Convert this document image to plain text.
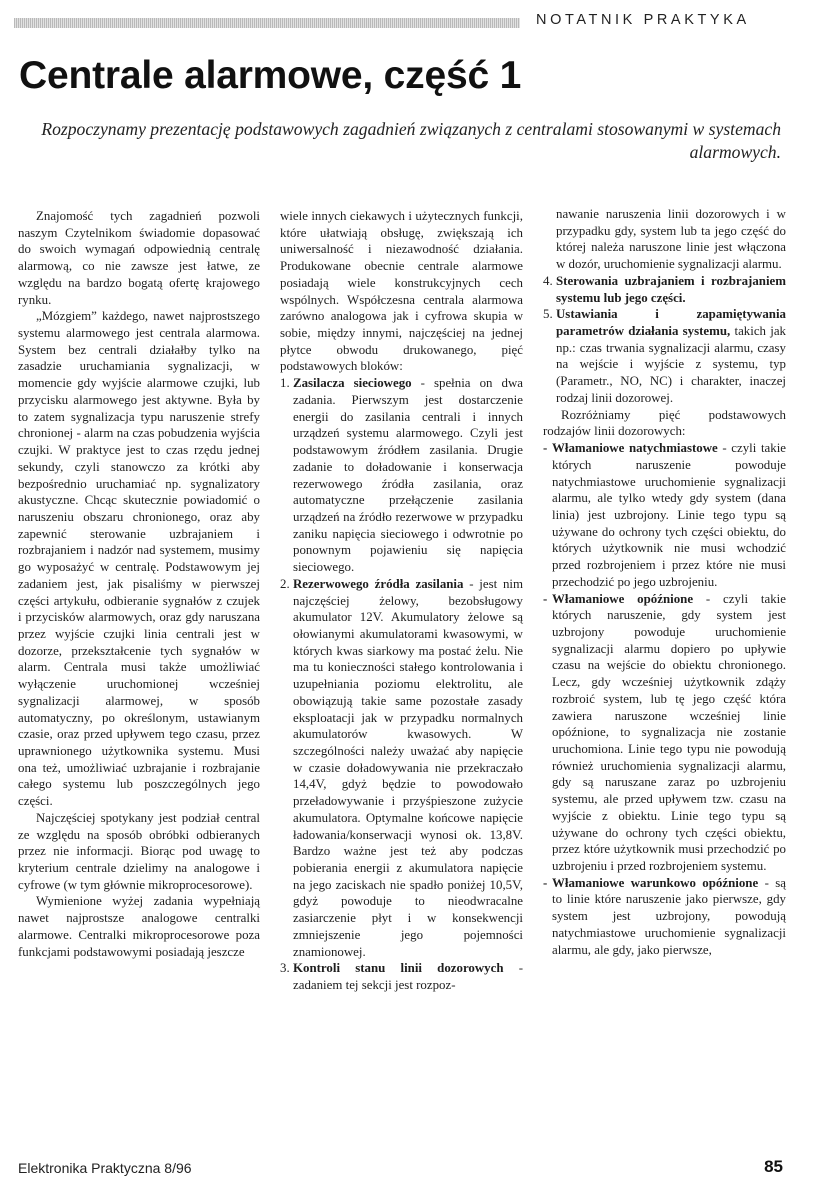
NOTATNIK PRAKTYKA
Centrale alarmowe, część 1

Rozpoczynamy prezentację podstawowych zagadnień związanych z centralami stosowanymi w systemach alarmowych.

Znajomość tych zagadnień pozwoli naszym Czytelnikom świadomie dopasować do swoich wymagań odpowiednią centralę alarmową, co nie zawsze jest łatwe, ze względu na bardzo bogatą ofertę krajowego rynku.

„Mózgiem” każdego, nawet najprostszego systemu alarmowego jest centrala alarmowa. System bez centrali działałby tylko na zasadzie uruchamiania sygnalizacji, w momencie gdy wyjście alarmowe czujki, lub przycisku alarmowego jest aktywne. Była by to zatem sygnalizacja typu naruszenie strefy chronionej - alarm na czas pobudzenia wyjścia czujki. W praktyce jest to czas rzędu jednej sekundy, czyli stanowczo za krótki aby bezpośrednio uruchamiać np. sygnalizatory akustyczne. Chcąc skutecznie powiadomić o naruszeniu obszaru chronionego, oraz aby zapewnić sterowanie uzbrajaniem i rozbrajaniem i nadzór nad systemem, musimy go wyposażyć w centralę. Podstawowym jej zadaniem jest, jak pisaliśmy w pierwszej części artykułu, odbieranie sygnałów z czujek i przycisków alarmowych, oraz gdy naruszana przez wyjście czujki linia centrali jest w dozorze, przekształcenie tych sygnałów w alarm. Centrala musi także umożliwiać wyłączenie uruchomionej wcześniej sygnalizacji alarmowej, w sposób automatyczny, po określonym, ustawianym czasie, oraz przed upływem tego czasu, przez uprawnionego użytkownika systemu. Musi ona też, umożliwiać uzbrajanie i rozbrajanie całego systemu lub poszczególnych jego części.

Najczęściej spotykany jest podział central ze względu na sposób obróbki odbieranych przez nie informacji. Biorąc pod uwagę to kryterium centrale dzielimy na analogowe i cyfrowe (w tym głównie mikroprocesorowe).

Wymienione wyżej zadania wypełniają nawet najprostsze analogowe centralki alarmowe. Centralki mikroprocesorowe poza funkcjami podstawowymi posiadają jeszcze

wiele innych ciekawych i użytecznych funkcji, które ułatwiają obsługę, zwiększają ich uniwersalność i niezawodność działania. Produkowane obecnie centrale alarmowe posiadają wiele konstrukcyjnych cech wspólnych. Współczesna centrala alarmowa zarówno analogowa jak i cyfrowa skupia w sobie, między innymi, najczęściej na jednej płytce obwodu drukowanego, pięć podstawowych bloków:

1. Zasilacza sieciowego - spełnia on dwa zadania. Pierwszym jest dostarczenie energii do zasilania centrali i innych urządzeń systemu alarmowego. Czyli jest podstawowym źródłem zasilania. Drugie zadanie to doładowanie i konserwacja rezerwowego źródła zasilania, oraz automatyczne przełączenie zasilania urządzeń na źródło rezerwowe w przypadku zaniku napięcia sieciowego i odwrotnie po ponownym pojawieniu się napięcia sieciowego.
2. Rezerwowego źródła zasilania - jest nim najczęściej żelowy, bezobsługowy akumulator 12V. Akumulatory żelowe są ołowianymi akumulatorami kwasowymi, w których kwas siarkowy ma postać żelu. Nie ma tu konieczności stałego kontrolowania i uzupełniania poziomu elektrolitu, ale obowiązują takie same pozostałe zasady eksploatacji jak w przypadku normalnych akumulatorów kwasowych. W szczególności należy uważać aby napięcie w czasie doładowywania nie przekraczało 14,4V, gdyż będzie to powodowało przeładowywanie i przyśpieszone zużycie akumulatora. Optymalne końcowe napięcie ładowania/konserwacji wynosi ok. 13,8V. Bardzo ważne jest też aby podczas pobierania energii z akumulatora napięcie na jego zaciskach nie spadło poniżej 10,5V, gdyż powoduje to nieodwracalne zasiarczenie płyt i w konsekwencji zmniejszenie jego pojemności znamionowej.
3. Kontroli stanu linii dozorowych - zadaniem tej sekcji jest rozpoz-

nawanie naruszenia linii dozorowych i w przypadku gdy, system lub ta jego część do której należa naruszone linie jest włączona w dozór, uruchomienie sygnalizacji alarmu.

4. Sterowania uzbrajaniem i rozbrajaniem systemu lub jego części.
5. Ustawiania i zapamiętywania parametrów działania systemu, takich jak np.: czas trwania sygnalizacji alarmu, czasy na wejście i wyjście z systemu, typ (Parametr., NO, NC) i charakter, inaczej rodzaj linii dozorowej.

Rozróżniamy pięć podstawowych rodzajów linii dozorowych:

- Włamaniowe natychmiastowe - czyli takie których naruszenie powoduje natychmiastowe uruchomienie sygnalizacji alarmu, ale tylko wtedy gdy system (dana linia) jest uzbrojony. Linie tego typu są używane do ochrony tych części obiektu, do których użytkownik nie musi wchodzić przed rozbrojeniem i przez które nie musi przechodzić po jego uzbrojeniu.
- Włamaniowe opóźnione - czyli takie których naruszenie, gdy system jest uzbrojony powoduje uruchomienie sygnalizacji alarmu dopiero po upływie czasu na wejście do obiektu chronionego. Lecz, gdy wcześniej użytkownik zdąży rozbroić system, lub tę jego część która zawiera naruszone wcześniej linie opóźnione, to sygnalizacja nie zostanie uruchomiona. Linie tego typu nie powodują również uruchomienia sygnalizacji alarmu, gdy są naruszane zaraz po uzbrojeniu systemu, ale przed upływem tzw. czasu na wyjście z obiektu. Linie tego typu są używane do ochrony tych części obiektu, przez które użytkownik musi przechodzić po uzbrojeniu i przed rozbrojeniem systemu.
- Włamaniowe warunkowo opóźnione - są to linie które naruszenie jako pierwsze, gdy system jest uzbrojony, powodują natychmiastowe uruchomienie sygnalizacji alarmu, ale gdy, jako pierwsze,
Elektronika Praktyczna 8/96	85
